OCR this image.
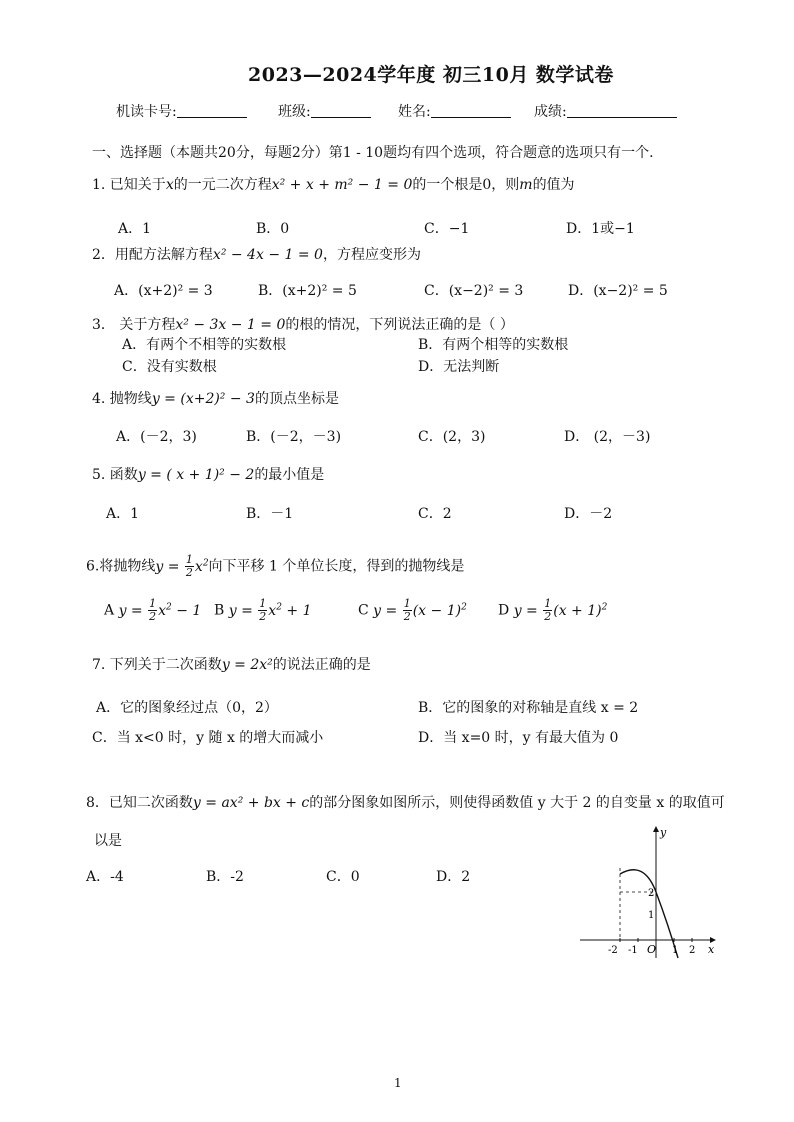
2023—2024学年度 初三10月 数学试卷
机读卡号:	班级:	姓名:	成绩:
一、选择题（本题共20分，每题2分）第1 - 10题均有四个选项，符合题意的选项只有一个.
1. 已知关于x的一元二次方程x² + x + m² − 1 = 0的一个根是0，则m的值为
A．1	B．0	C．−1	D．1或−1
2．用配方法解方程x² − 4x − 1 = 0，方程应变形为
A．(x+2)² = 3	B．(x+2)² = 5	C．(x−2)² = 3	D．(x−2)² = 5
3． 关于方程x² − 3x − 1 = 0的根的情况，下列说法正确的是（ ）
A．有两个不相等的实数根	B．有两个相等的实数根
C．没有实数根	D．无法判断
4. 抛物线y = (x+2)² − 3的顶点坐标是
A．(－2，3)	B．(－2，－3)	C．(2，3)	D． (2，－3)
5. 函数y = ( x + 1)² − 2的最小值是
A．1	B．－1	C．2	D．－2
6.将抛物线$y = \frac{1}{2} x^2$向下平移 1 个单位长度，得到的抛物线是
A $y = \frac{1}{2} x^2 - 1$ B $y = \frac{1}{2} x^2 + 1$	C $y = \frac{1}{2} (x - 1)^2$ D $y = \frac{1}{2} (x + 1)^2$
7. 下列关于二次函数y = 2x²的说法正确的是
A．它的图象经过点（0，2）	B．它的图象的对称轴是直线 x = 2
C．当 x<0 时，y 随 x 的增大而减小	D．当 x=0 时，y 有最大值为 0
8．已知二次函数y = ax² + bx + c的部分图象如图所示，则使得函数值 y 大于 2 的自变量 x 的取值可
以是
A．-4	B．-2	C．0	D．2
-2 -1 O 1 2 x
y
2
1
1
